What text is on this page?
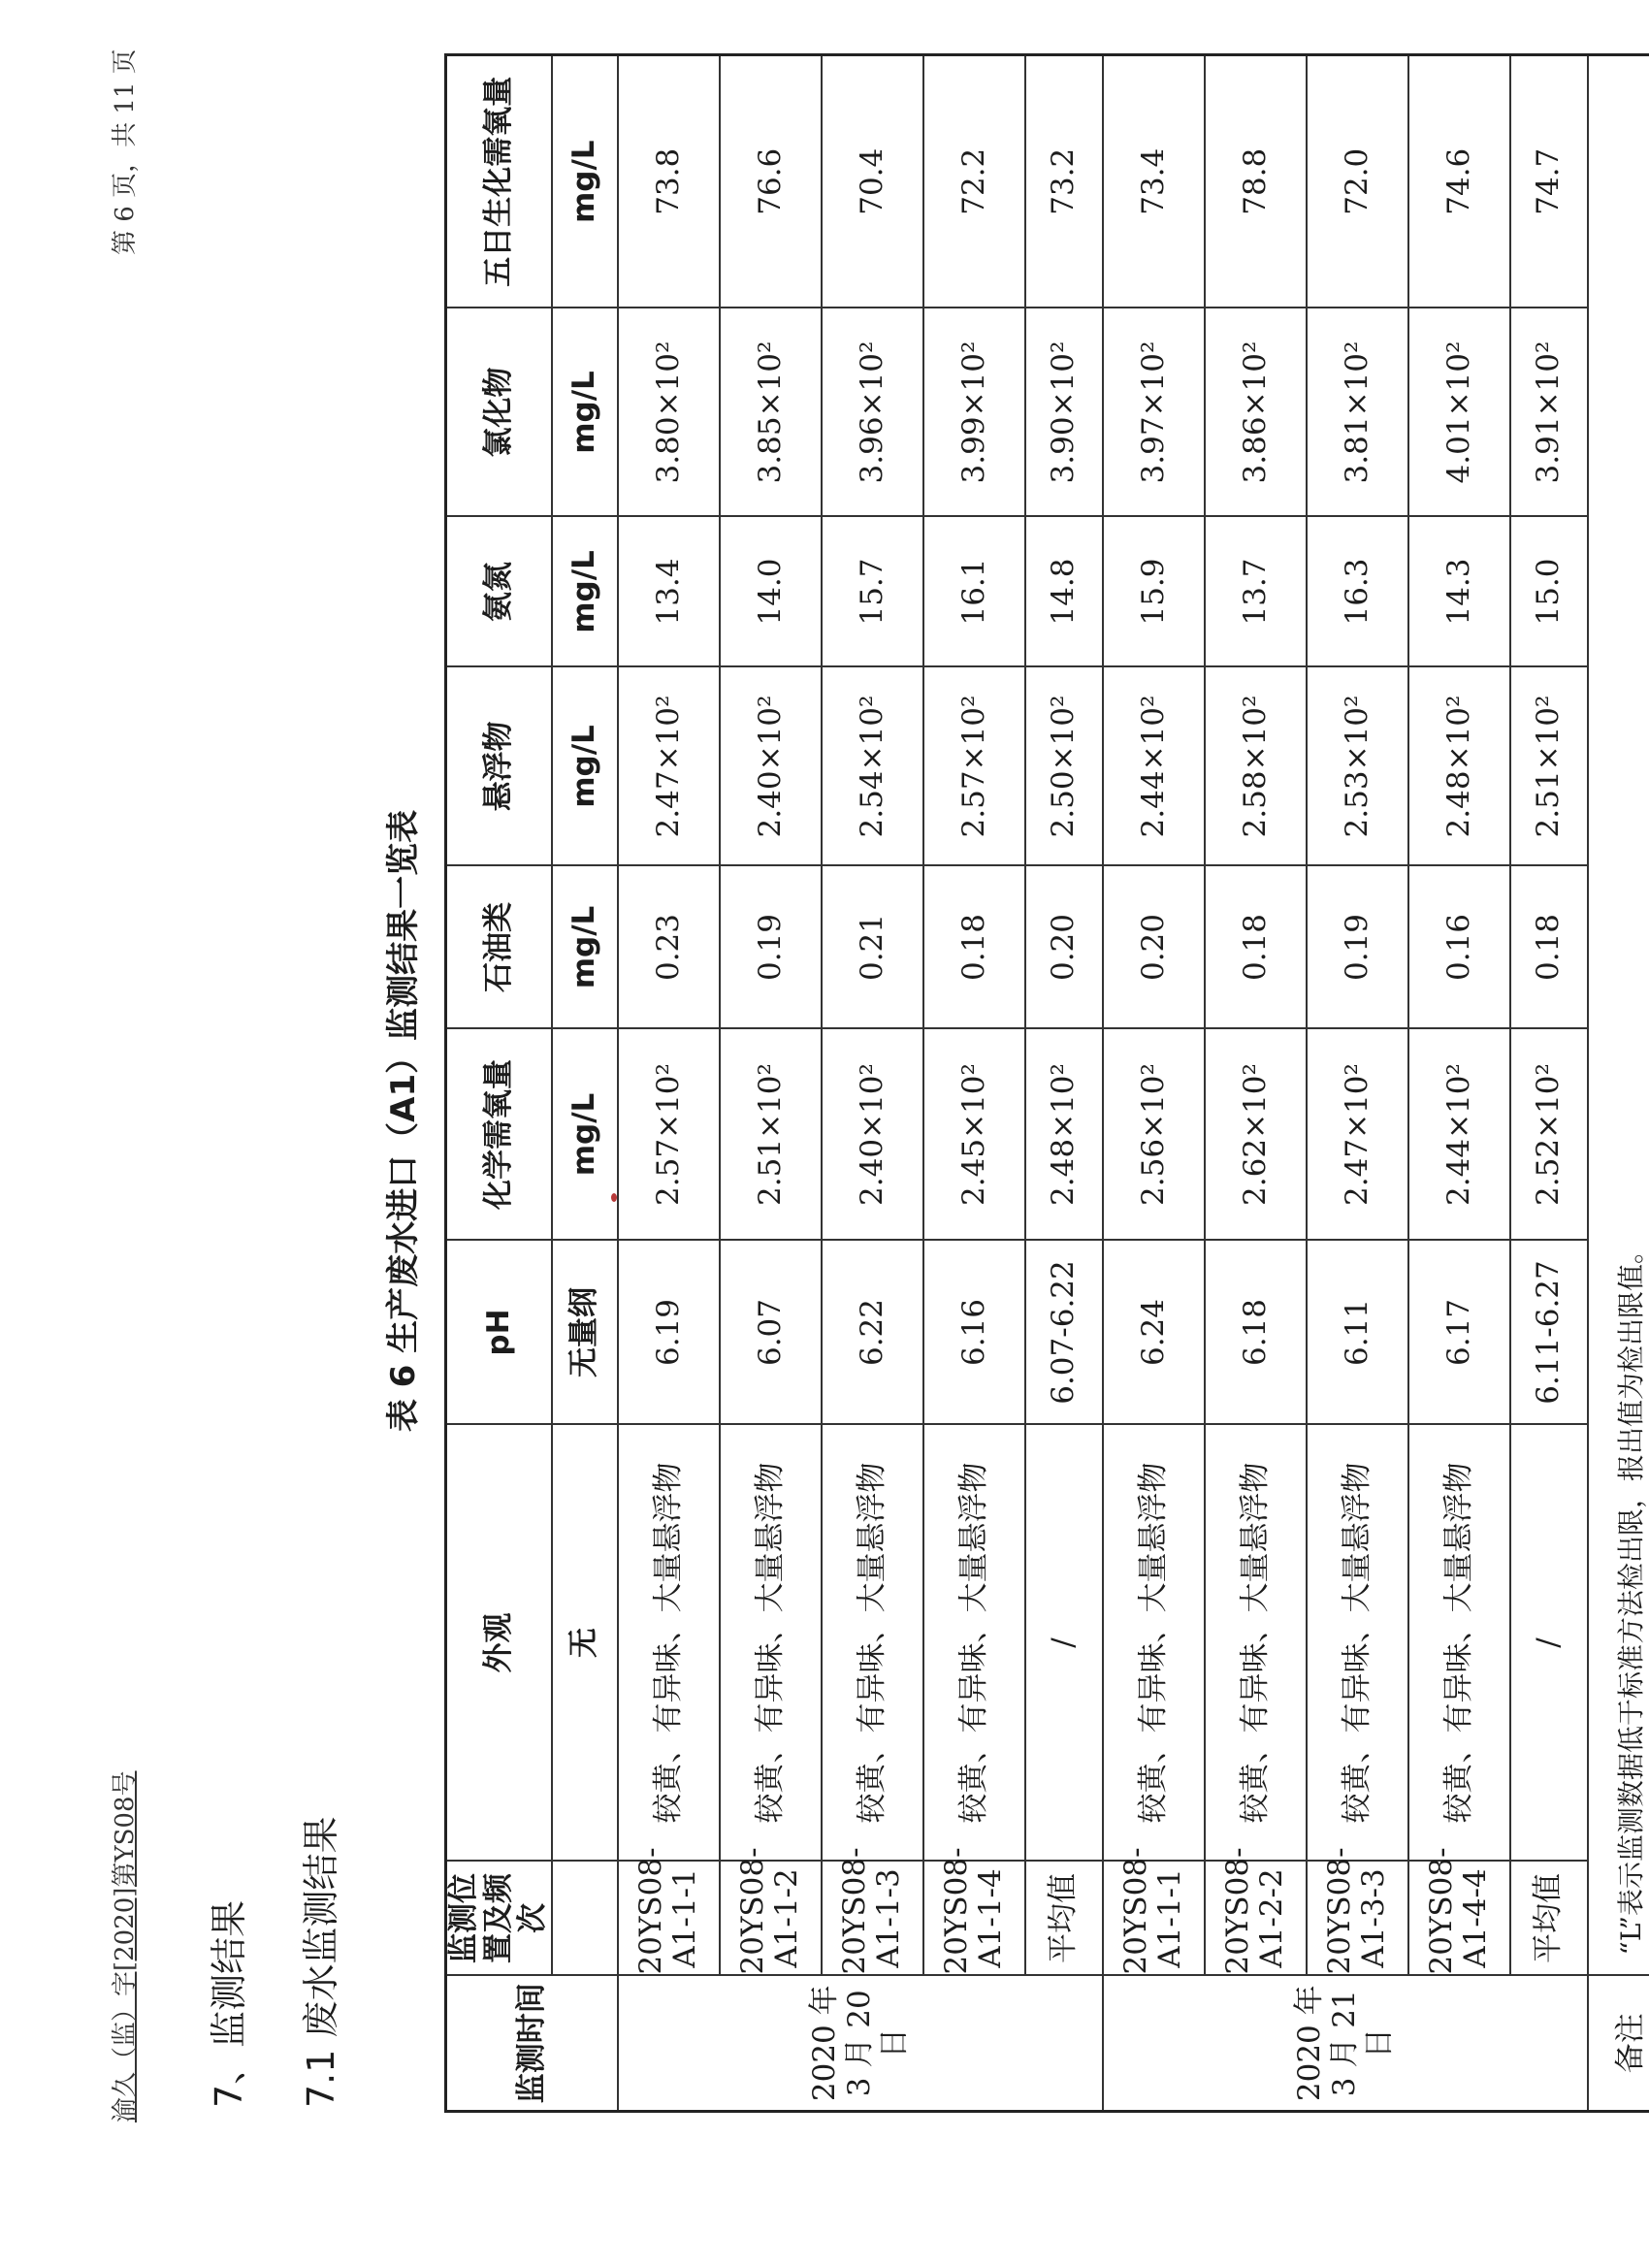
渝久（监）字[2020]第YS08号
第 6 页，共 11 页
7、监测结果 7.1 废水监测结果
表 6 生产废水进口（A1）监测结果一览表
监测时间	监测位置及频次	外观	pH	化学需氧量	石油类	悬浮物	氨氮	氯化物	五日生化需氧量
		无	无量纲	mg/L	mg/L	mg/L	mg/L	mg/L	mg/L
2020 年 3 月 20 日	20YS08-A1-1-1	较黄、有异味、大量悬浮物	6.19	2.57×10²	0.23	2.47×10²	13.4	3.80×10²	73.8
	20YS08-A1-1-2	较黄、有异味、大量悬浮物	6.07	2.51×10²	0.19	2.40×10²	14.0	3.85×10²	76.6
	20YS08-A1-1-3	较黄、有异味、大量悬浮物	6.22	2.40×10²	0.21	2.54×10²	15.7	3.96×10²	70.4
	20YS08-A1-1-4	较黄、有异味、大量悬浮物	6.16	2.45×10²	0.18	2.57×10²	16.1	3.99×10²	72.2
	平均值	/	6.07-6.22	2.48×10²	0.20	2.50×10²	14.8	3.90×10²	73.2
2020 年 3 月 21 日	20YS08-A1-1-1	较黄、有异味、大量悬浮物	6.24	2.56×10²	0.20	2.44×10²	15.9	3.97×10²	73.4
	20YS08-A1-2-2	较黄、有异味、大量悬浮物	6.18	2.62×10²	0.18	2.58×10²	13.7	3.86×10²	78.8
	20YS08-A1-3-3	较黄、有异味、大量悬浮物	6.11	2.47×10²	0.19	2.53×10²	16.3	3.81×10²	72.0
	20YS08-A1-4-4	较黄、有异味、大量悬浮物	6.17	2.44×10²	0.16	2.48×10²	14.3	4.01×10²	74.6
	平均值	/	6.11-6.27	2.52×10²	0.18	2.51×10²	15.0	3.91×10²	74.7
备注	“L”表示监测数据低于标准方法检出限，报出值为检出限值。								
